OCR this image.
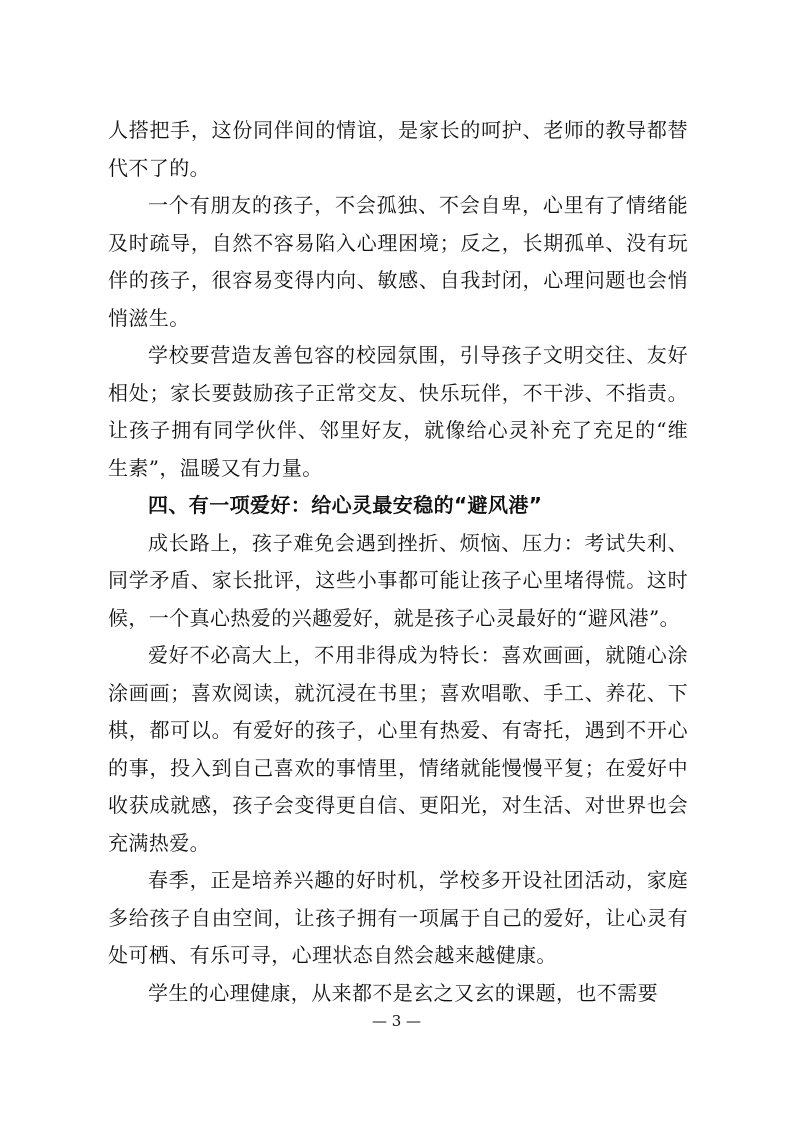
人搭把手，这份同伴间的情谊，是家长的呵护、老师的教导都替代不了的。

一个有朋友的孩子，不会孤独、不会自卑，心里有了情绪能及时疏导，自然不容易陷入心理困境；反之，长期孤单、没有玩伴的孩子，很容易变得内向、敏感、自我封闭，心理问题也会悄悄滋生。

学校要营造友善包容的校园氛围，引导孩子文明交往、友好相处；家长要鼓励孩子正常交友、快乐玩伴，不干涉、不指责。让孩子拥有同学伙伴、邻里好友，就像给心灵补充了充足的“维生素”，温暖又有力量。

四、有一项爱好：给心灵最安稳的“避风港”

成长路上，孩子难免会遇到挫折、烦恼、压力：考试失利、同学矛盾、家长批评，这些小事都可能让孩子心里堵得慌。这时候，一个真心热爱的兴趣爱好，就是孩子心灵最好的“避风港”。

爱好不必高大上，不用非得成为特长：喜欢画画，就随心涂涂画画；喜欢阅读，就沉浸在书里；喜欢唱歌、手工、养花、下棋，都可以。有爱好的孩子，心里有热爱、有寄托，遇到不开心的事，投入到自己喜欢的事情里，情绪就能慢慢平复；在爱好中收获成就感，孩子会变得更自信、更阳光，对生活、对世界也会充满热爱。

春季，正是培养兴趣的好时机，学校多开设社团活动，家庭多给孩子自由空间，让孩子拥有一项属于自己的爱好，让心灵有处可栖、有乐可寻，心理状态自然会越来越健康。

学生的心理健康，从来都不是玄之又玄的课题，也不需要

— 3 —
